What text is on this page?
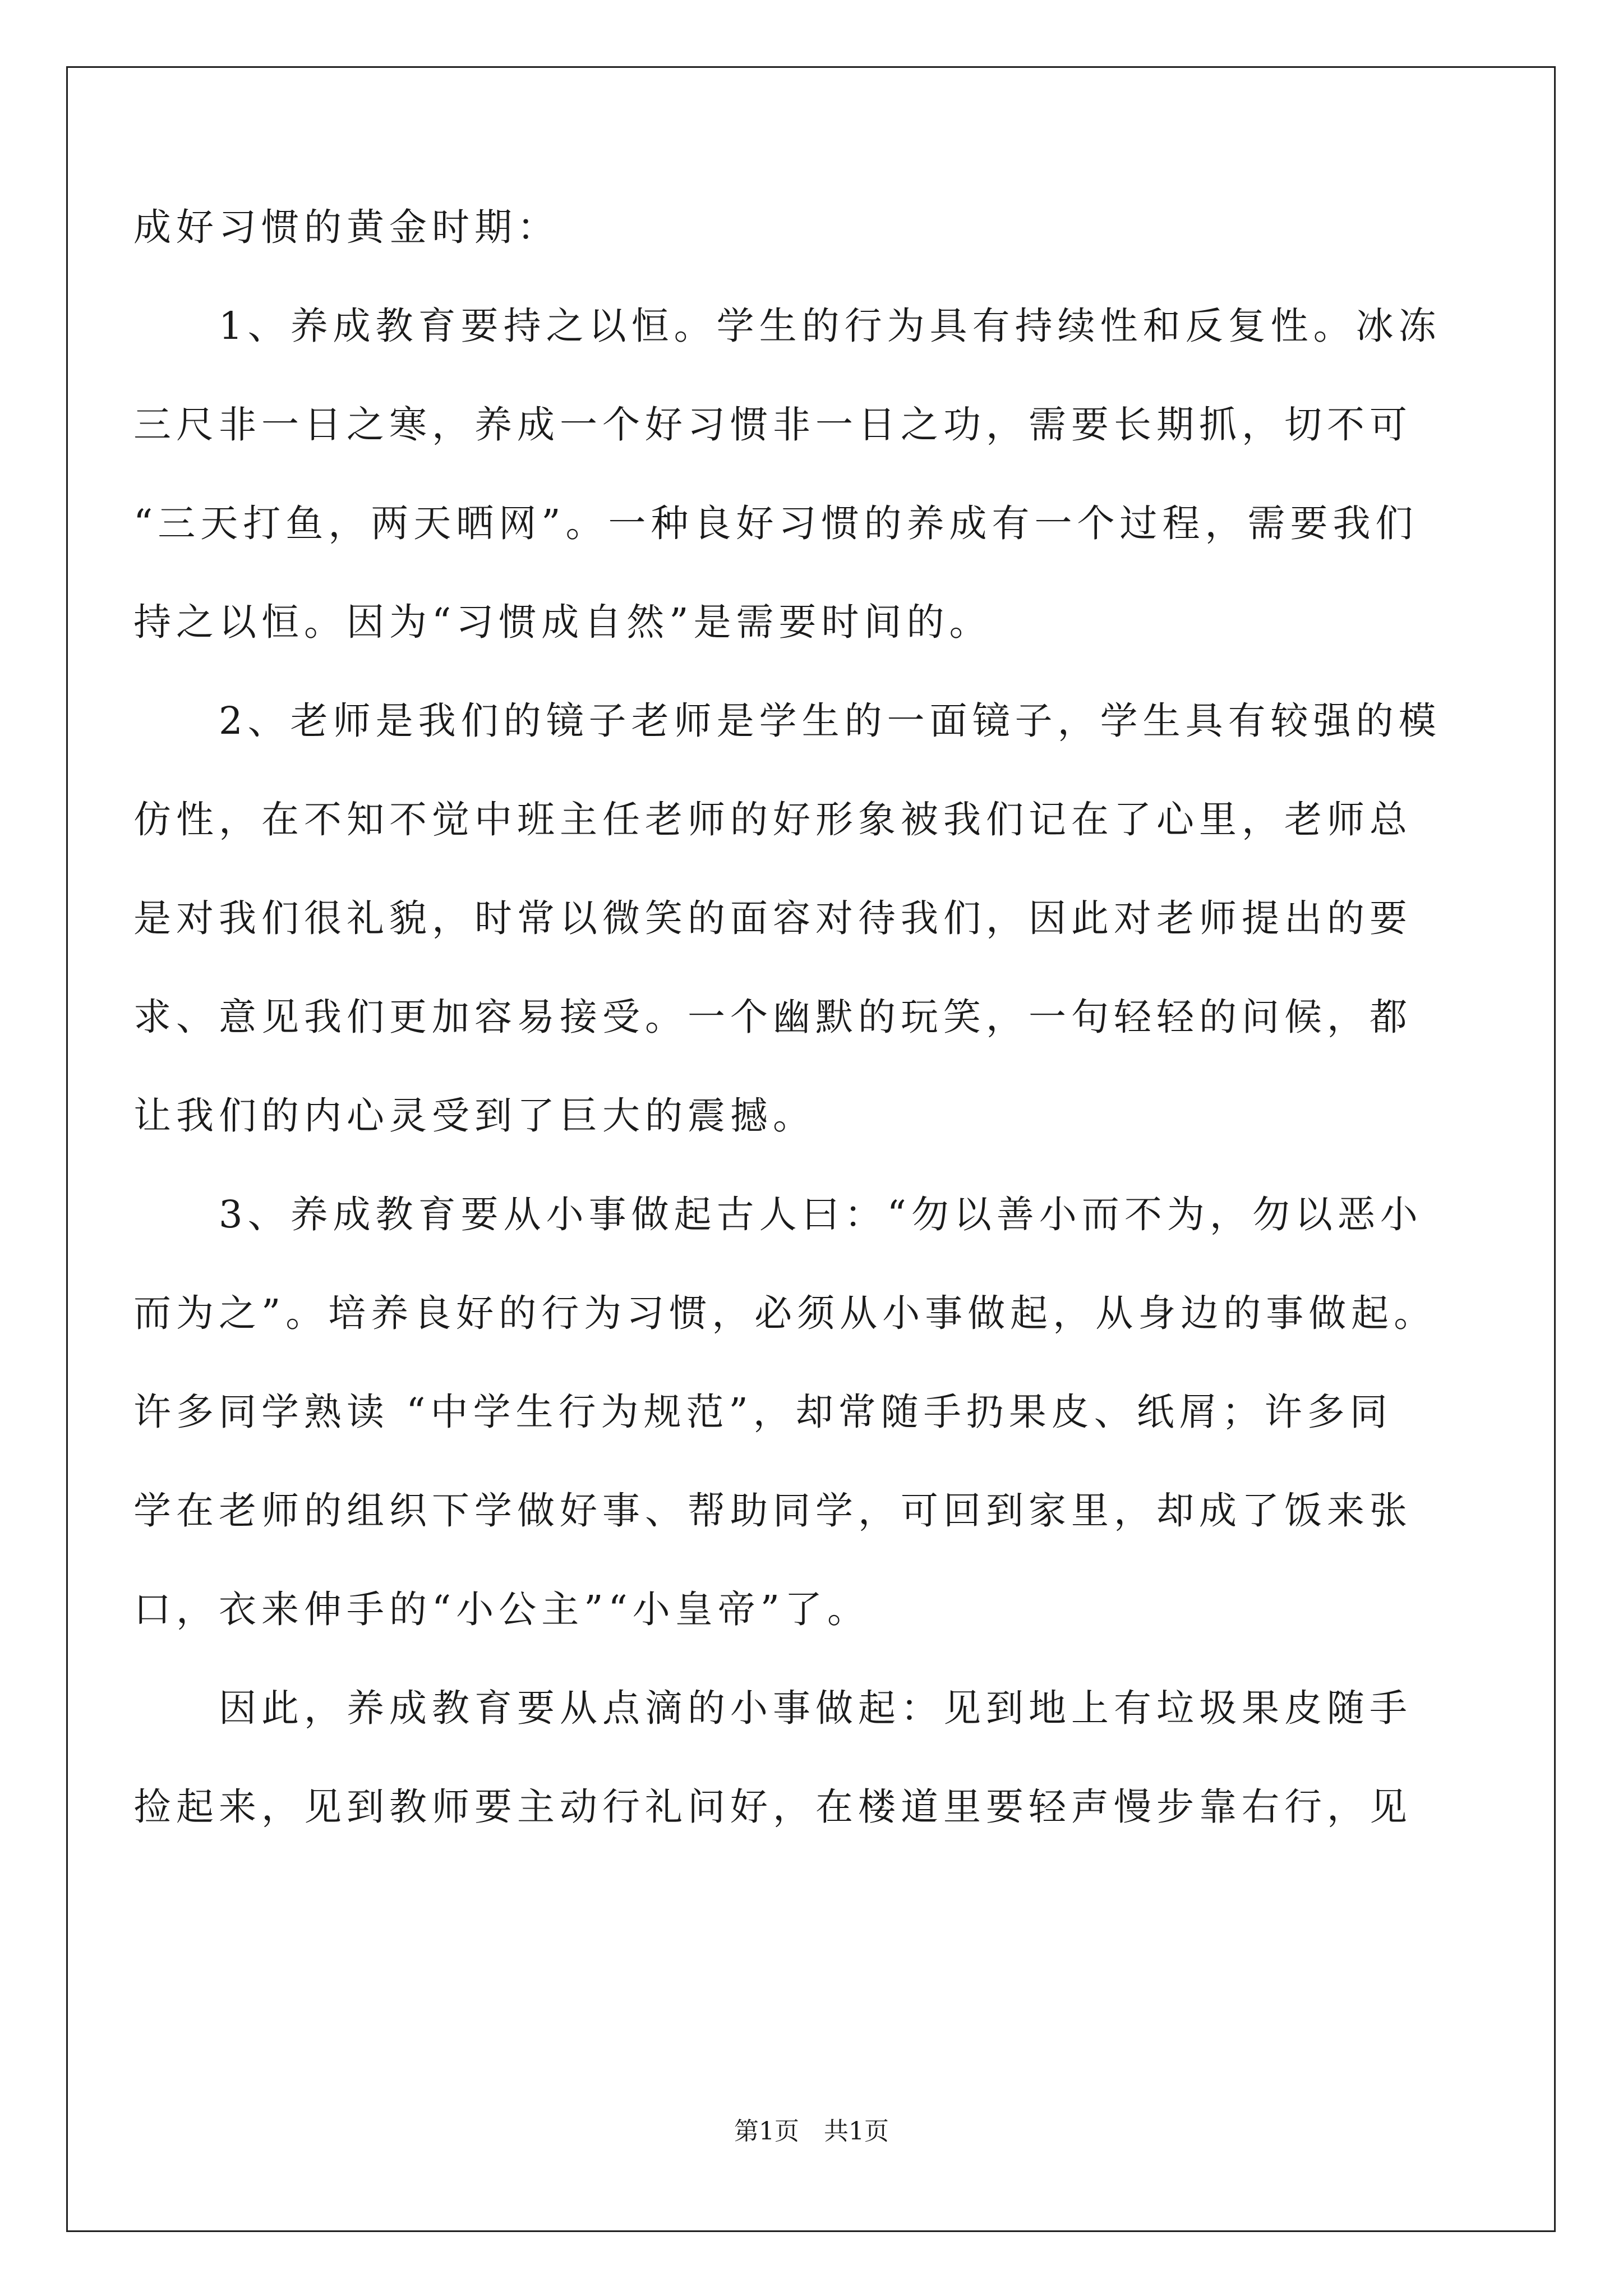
成好习惯的黄金时期：
　　1、养成教育要持之以恒。学生的行为具有持续性和反复性。冰冻
三尺非一日之寒，养成一个好习惯非一日之功，需要长期抓，切不可
“三天打鱼，两天晒网”。一种良好习惯的养成有一个过程，需要我们
持之以恒。因为“习惯成自然”是需要时间的。
　　2、老师是我们的镜子老师是学生的一面镜子，学生具有较强的模
仿性，在不知不觉中班主任老师的好形象被我们记在了心里，老师总
是对我们很礼貌，时常以微笑的面容对待我们，因此对老师提出的要
求、意见我们更加容易接受。一个幽默的玩笑，一句轻轻的问候，都
让我们的内心灵受到了巨大的震撼。
　　3、养成教育要从小事做起古人曰：“勿以善小而不为，勿以恶小
而为之”。培养良好的行为习惯，必须从小事做起，从身边的事做起。
许多同学熟读 “中学生行为规范”，却常随手扔果皮、纸屑；许多同
学在老师的组织下学做好事、帮助同学，可回到家里，却成了饭来张
口，衣来伸手的“小公主”“小皇帝”了。
　　因此，养成教育要从点滴的小事做起：见到地上有垃圾果皮随手
捡起来，见到教师要主动行礼问好，在楼道里要轻声慢步靠右行，见
第1页　共1页
